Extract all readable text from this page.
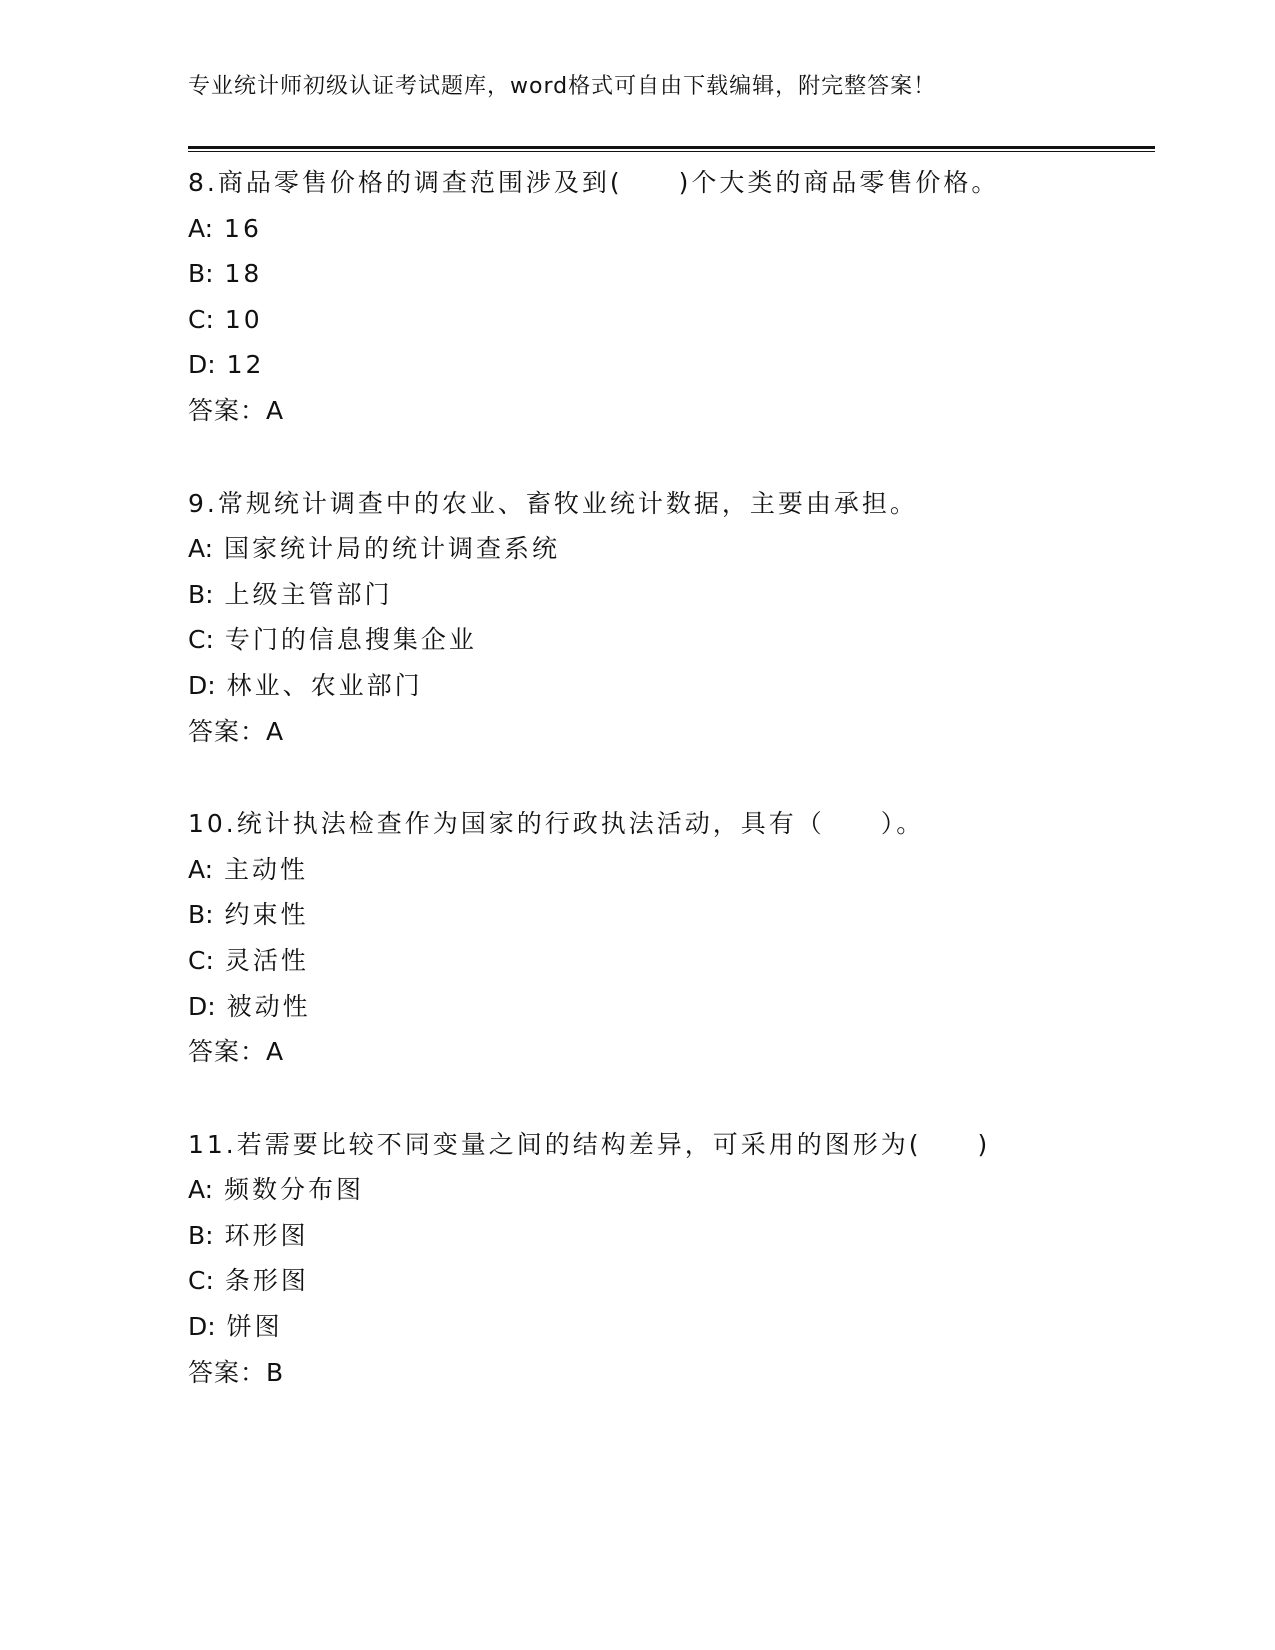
专业统计师初级认证考试题库，word格式可自由下载编辑，附完整答案！
8.商品零售价格的调查范围涉及到(　　)个大类的商品零售价格。
A: 16
B: 18
C: 10
D: 12
答案：A
9.常规统计调查中的农业、畜牧业统计数据，主要由承担。
A: 国家统计局的统计调查系统
B: 上级主管部门
C: 专门的信息搜集企业
D: 林业、农业部门
答案：A
10.统计执法检查作为国家的行政执法活动，具有（　　）。
A: 主动性
B: 约束性
C: 灵活性
D: 被动性
答案：A
11.若需要比较不同变量之间的结构差异，可采用的图形为(　　)
A: 频数分布图
B: 环形图
C: 条形图
D: 饼图
答案：B
